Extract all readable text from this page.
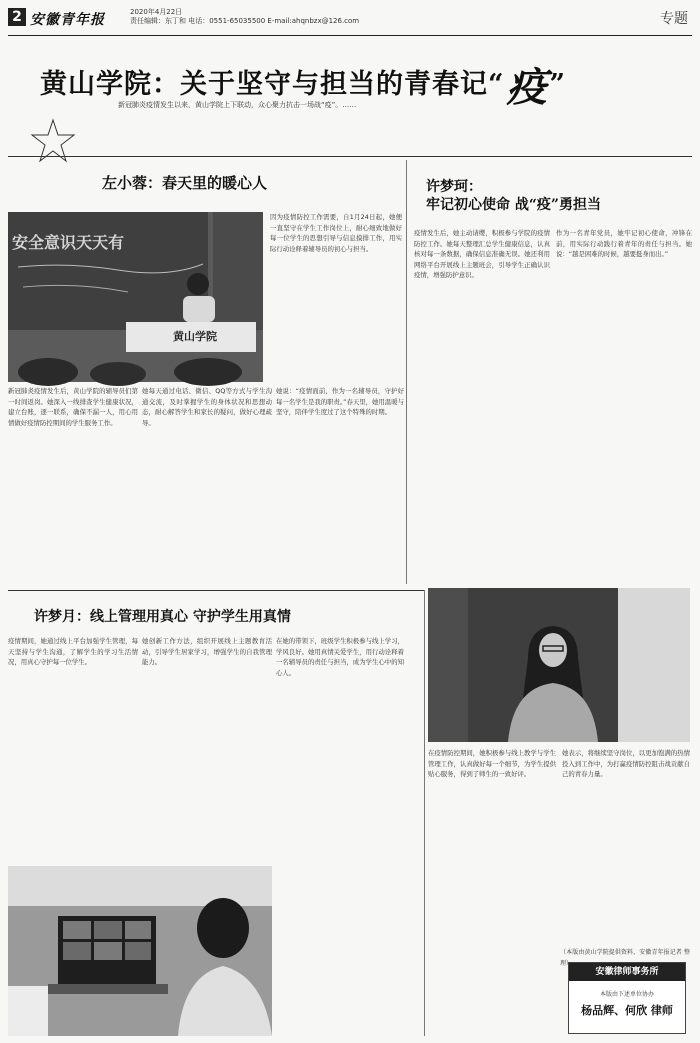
2 安徽青年报	2020年4月22日
责任编辑：东丁和 电话：0551-65035500 E-mail:ahqnbzx@126.com	专题
黄山学院：关于坚守与担当的青春记“疫”
新冠肺炎疫情发生以来，黄山学院上下联动，众心聚力抗击一场战“疫”。……
左小蓉：春天里的暖心人
安全意识天天有
黄山学院
因为疫情防控工作需要，自1月24日起，她便一直坚守在学生工作岗位上，耐心细致地做好每一位学生的思想引导与信息摸排工作，用实际行动诠释着辅导员的初心与担当。
新冠肺炎疫情发生后，黄山学院的辅导员们第一时间返岗。她深入一线排查学生健康状况，建立台账，逐一联系，确保不漏一人，用心用情做好疫情防控期间的学生服务工作。
她每天通过电话、微信、QQ等方式与学生沟通交流，及时掌握学生的身体状况和思想动态，耐心解答学生和家长的疑问，做好心理疏导。
她说：“疫情面前，作为一名辅导员，守护好每一名学生是我的职责。”春天里，她用温暖与坚守，陪伴学生度过了这个特殊的时期。
许梦珂：
牢记初心使命 战“疫”勇担当
疫情发生后，她主动请缨，积极参与学院的疫情防控工作。她每天整理汇总学生健康信息，认真核对每一条数据，确保信息准确无误。她还利用网络平台开展线上主题班会，引导学生正确认识疫情，增强防护意识。
作为一名青年党员，她牢记初心使命，冲锋在前，用实际行动践行着青年的责任与担当。她说：“越是困难的时候，越要挺身而出。”
在疫情防控期间，她积极参与线上教学与学生管理工作，认真做好每一个细节，为学生提供贴心服务，得到了师生的一致好评。
她表示，将继续坚守岗位，以更加饱满的热情投入到工作中，为打赢疫情防控阻击战贡献自己的青春力量。
许梦月：线上管理用真心 守护学生用真情
疫情期间，她通过线上平台加强学生管理，每天坚持与学生沟通，了解学生的学习生活情况，用真心守护每一位学生。
她创新工作方法，组织开展线上主题教育活动，引导学生居家学习，增强学生的自我管理能力。
在她的带领下，班级学生积极参与线上学习，学风良好。她用真情关爱学生，用行动诠释着一名辅导员的责任与担当，成为学生心中的知心人。
安徽律师事务所
本版由下述单位协办
杨品辉、何欣 律师
（本版由黄山学院提供资料，安徽青年报记者 整理）
